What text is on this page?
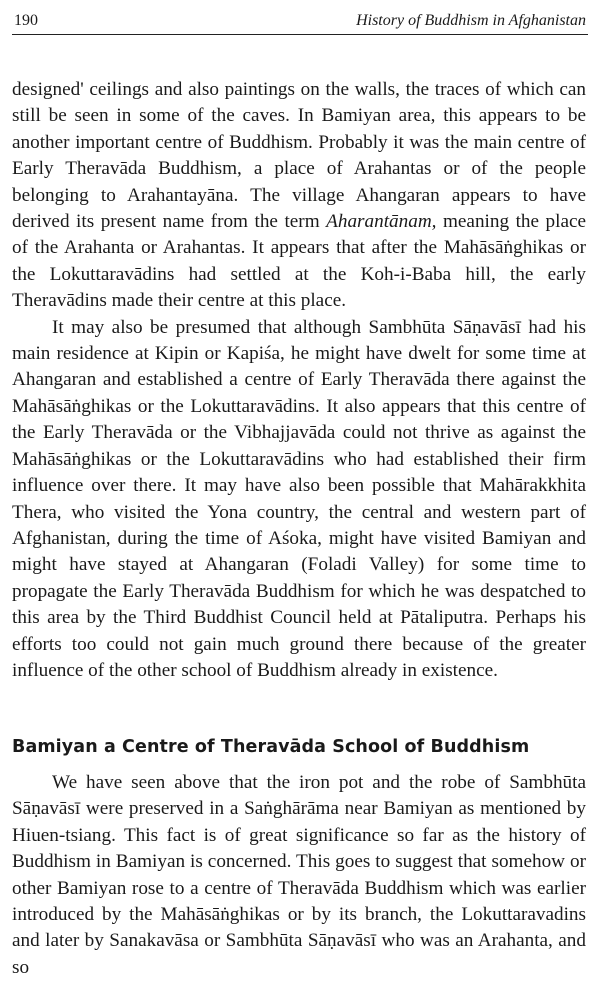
190	History of Buddhism in Afghanistan

designed' ceilings and also paintings on the walls, the traces of which can still be seen in some of the caves. In Bamiyan area, this appears to be another important centre of Buddhism. Probably it was the main centre of Early Theravāda Buddhism, a place of Arahantas or of the people belonging to Arahantayāna. The village Ahangaran appears to have derived its present name from the term Aharantānam, meaning the place of the Arahanta or Arahantas. It appears that after the Mahāsāṅghikas or the Lokuttaravādins had settled at the Koh-i-Baba hill, the early Theravādins made their centre at this place.

It may also be presumed that although Sambhūta Sāṇavāsī had his main residence at Kipin or Kapiśa, he might have dwelt for some time at Ahangaran and established a centre of Early Theravāda there against the Mahāsāṅghikas or the Lokuttaravādins. It also appears that this centre of the Early Theravāda or the Vibhajjavāda could not thrive as against the Mahāsāṅghikas or the Lokuttaravādins who had established their firm influence over there. It may have also been possible that Mahārakkhita Thera, who visited the Yona country, the central and western part of Afghanistan, during the time of Aśoka, might have visited Bamiyan and might have stayed at Ahangaran (Foladi Valley) for some time to propagate the Early Theravāda Buddhism for which he was despatched to this area by the Third Buddhist Council held at Pātaliputra. Perhaps his efforts too could not gain much ground there because of the greater influence of the other school of Buddhism already in existence.

Bamiyan a Centre of Theravāda School of Buddhism

We have seen above that the iron pot and the robe of Sambhūta Sāṇavāsī were preserved in a Saṅghārāma near Bamiyan as mentioned by Hiuen-tsiang. This fact is of great significance so far as the history of Buddhism in Bamiyan is concerned. This goes to suggest that somehow or other Bamiyan rose to a centre of Theravāda Buddhism which was earlier introduced by the Mahāsāṅghikas or by its branch, the Lokuttaravadins and later by Sanakavāsa or Sambhūta Sāṇavāsī who was an Arahanta, and so
